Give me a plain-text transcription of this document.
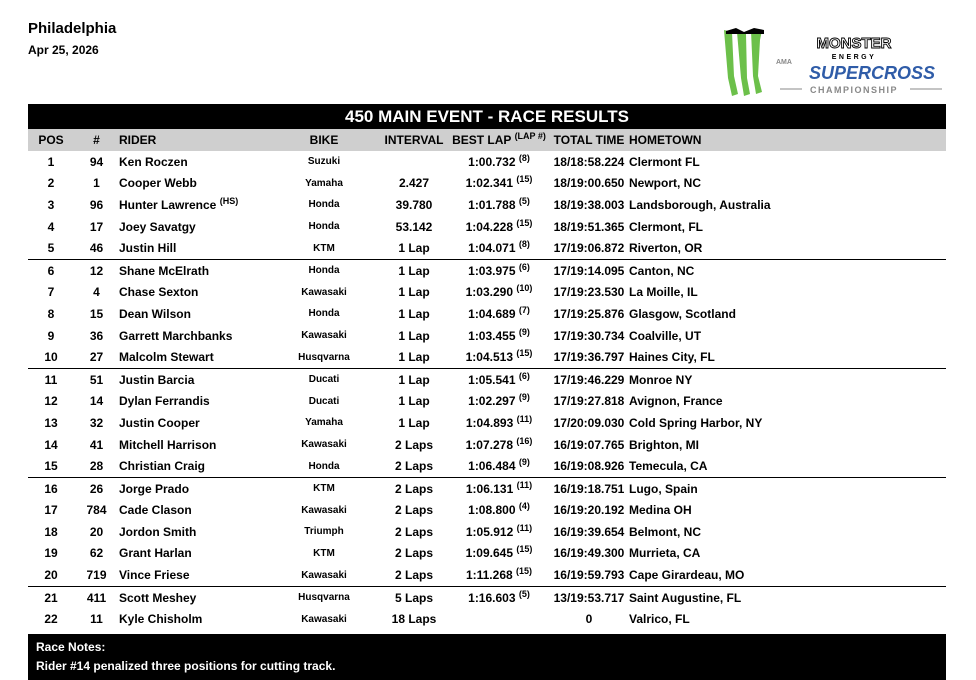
Philadelphia
Apr 25, 2026	MONSTER
ENERGY
AMA
SUPERCROSS
CHAMPIONSHIP
450 MAIN EVENT - RACE RESULTS
POS	#	RIDER	BIKE	INTERVAL	BEST LAP $^{(LAP \#)}$	TOTAL TIME	HOMETOWN
1	94	Ken Roczen	Suzuki		1:00.732 $^{(8)}$	18/18:58.224	Clermont FL
2	1	Cooper Webb	Yamaha	2.427	1:02.341 $^{(15)}$	18/19:00.650	Newport, NC
3	96	Hunter Lawrence $^{(HS)}$	Honda	39.780	1:01.788 $^{(5)}$	18/19:38.003	Landsborough, Australia
4	17	Joey Savatgy	Honda	53.142	1:04.228 $^{(15)}$	18/19:51.365	Clermont, FL
5	46	Justin Hill	KTM	1 Lap	1:04.071 $^{(8)}$	17/19:06.872	Riverton, OR
6	12	Shane McElrath	Honda	1 Lap	1:03.975 $^{(6)}$	17/19:14.095	Canton, NC
7	4	Chase Sexton	Kawasaki	1 Lap	1:03.290 $^{(10)}$	17/19:23.530	La Moille, IL
8	15	Dean Wilson	Honda	1 Lap	1:04.689 $^{(7)}$	17/19:25.876	Glasgow, Scotland
9	36	Garrett Marchbanks	Kawasaki	1 Lap	1:03.455 $^{(9)}$	17/19:30.734	Coalville, UT
10	27	Malcolm Stewart	Husqvarna	1 Lap	1:04.513 $^{(15)}$	17/19:36.797	Haines City, FL
11	51	Justin Barcia	Ducati	1 Lap	1:05.541 $^{(6)}$	17/19:46.229	Monroe NY
12	14	Dylan Ferrandis	Ducati	1 Lap	1:02.297 $^{(9)}$	17/19:27.818	Avignon, France
13	32	Justin Cooper	Yamaha	1 Lap	1:04.893 $^{(11)}$	17/20:09.030	Cold Spring Harbor, NY
14	41	Mitchell Harrison	Kawasaki	2 Laps	1:07.278 $^{(16)}$	16/19:07.765	Brighton, MI
15	28	Christian Craig	Honda	2 Laps	1:06.484 $^{(9)}$	16/19:08.926	Temecula, CA
16	26	Jorge Prado	KTM	2 Laps	1:06.131 $^{(11)}$	16/19:18.751	Lugo, Spain
17	784	Cade Clason	Kawasaki	2 Laps	1:08.800 $^{(4)}$	16/19:20.192	Medina OH
18	20	Jordon Smith	Triumph	2 Laps	1:05.912 $^{(11)}$	16/19:39.654	Belmont, NC
19	62	Grant Harlan	KTM	2 Laps	1:09.645 $^{(15)}$	16/19:49.300	Murrieta, CA
20	719	Vince Friese	Kawasaki	2 Laps	1:11.268 $^{(15)}$	16/19:59.793	Cape Girardeau, MO
21	411	Scott Meshey	Husqvarna	5 Laps	1:16.603 $^{(5)}$	13/19:53.717	Saint Augustine, FL
22	11	Kyle Chisholm	Kawasaki	18 Laps		0	Valrico, FL
Race Notes:
Rider #14 penalized three positions for cutting track.
